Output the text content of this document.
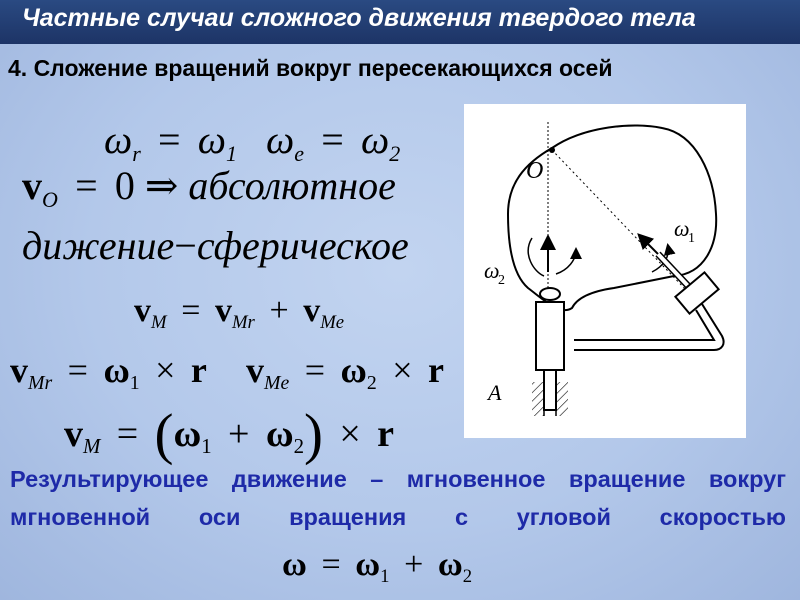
Частные случаи сложного движения твердого тела
4. Сложение вращений вокруг пересекающихся осей
ωr = ω1 ωe = ω2
vO = 0 ⇒ абсолютное
дижение−сферическое
vM = vMr + vMe
vMr = ω1 × r vMe = ω2 × r
vM = (ω1 + ω2) × r

Результирующее движение – мгновенное вращение вокруг мгновенной оси вращения с угловой скоростью

ω = ω1 + ω2
O
A
ω
1
ω
2
